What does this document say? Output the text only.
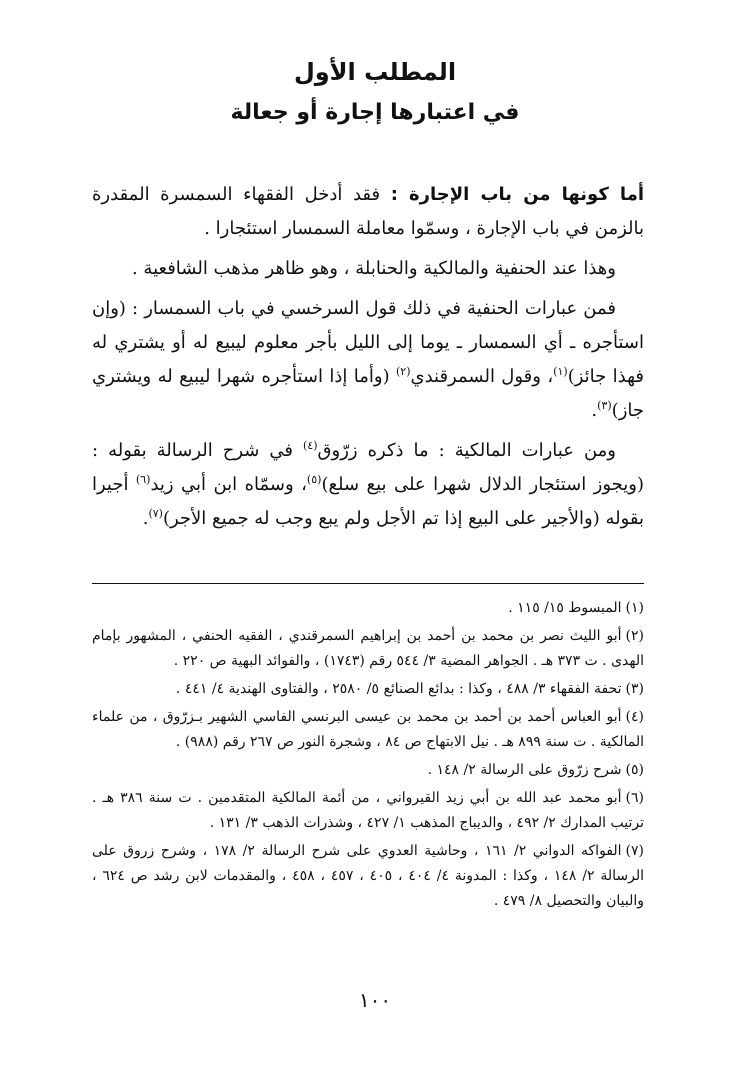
المطلب الأول
في اعتبارها إجارة أو جعالة

أما كونها من باب الإجارة : فقد أدخل الفقهاء السمسرة المقدرة بالزمن في باب الإجارة ، وسمّوا معاملة السمسار استئجارا .

وهذا عند الحنفية والمالكية والحنابلة ، وهو ظاهر مذهب الشافعية .

فمن عبارات الحنفية في ذلك قول السرخسي في باب السمسار : (وإن استأجره ـ أي السمسار ـ يوما إلى الليل بأجر معلوم ليبيع له أو يشتري له فهذا جائز)$^{(١)}$، وقول السمرقندي$^{(٢)}$ (وأما إذا استأجره شهرا ليبيع له ويشتري جاز)$^{(٣)}$.

ومن عبارات المالكية : ما ذكره زرّوق$^{(٤)}$ في شرح الرسالة بقوله : (ويجوز استئجار الدلال شهرا على بيع سلع)$^{(٥)}$، وسمّاه ابن أبي زيد$^{(٦)}$ أجيرا بقوله (والأجير على البيع إذا تم الأجل ولم يبع وجب له جميع الأجر)$^{(٧)}$.

(١)المبسوط ١٥/ ١١٥ .
(٢)أبو الليث نصر بن محمد بن أحمد بن إبراهيم السمرقندي ، الفقيه الحنفي ، المشهور بإمام الهدى . ت ٣٧٣ هـ . الجواهر المضية ٣/ ٥٤٤ رقم (١٧٤٣) ، والفوائد البهية ص ٢٢٠ .
(٣)تحفة الفقهاء ٣/ ٤٨٨ ، وكذا : بدائع الصنائع ٥/ ٢٥٨٠ ، والفتاوى الهندية ٤/ ٤٤١ .
(٤)أبو العباس أحمد بن أحمد بن محمد بن عيسى البرنسي الفاسي الشهير بـزرّوق ، من علماء المالكية . ت سنة ٨٩٩ هـ . نيل الابتهاج ص ٨٤ ، وشجرة النور ص ٢٦٧ رقم (٩٨٨) .
(٥)شرح زرّوق على الرسالة ٢/ ١٤٨ .
(٦)أبو محمد عبد الله بن أبي زيد القيرواني ، من أئمة المالكية المتقدمين . ت سنة ٣٨٦ هـ . ترتيب المدارك ٢/ ٤٩٢ ، والديباج المذهب ١/ ٤٢٧ ، وشذرات الذهب ٣/ ١٣١ .
(٧)الفواكه الدواني ٢/ ١٦١ ، وحاشية العدوي على شرح الرسالة ٢/ ١٧٨ ، وشرح زروق على الرسالة ٢/ ١٤٨ ، وكذا : المدونة ٤/ ٤٠٤ ، ٤٠٥ ، ٤٥٧ ، ٤٥٨ ، والمقدمات لابن رشد ص ٦٢٤ ، والبيان والتحصيل ٨/ ٤٧٩ .
١٠٠
